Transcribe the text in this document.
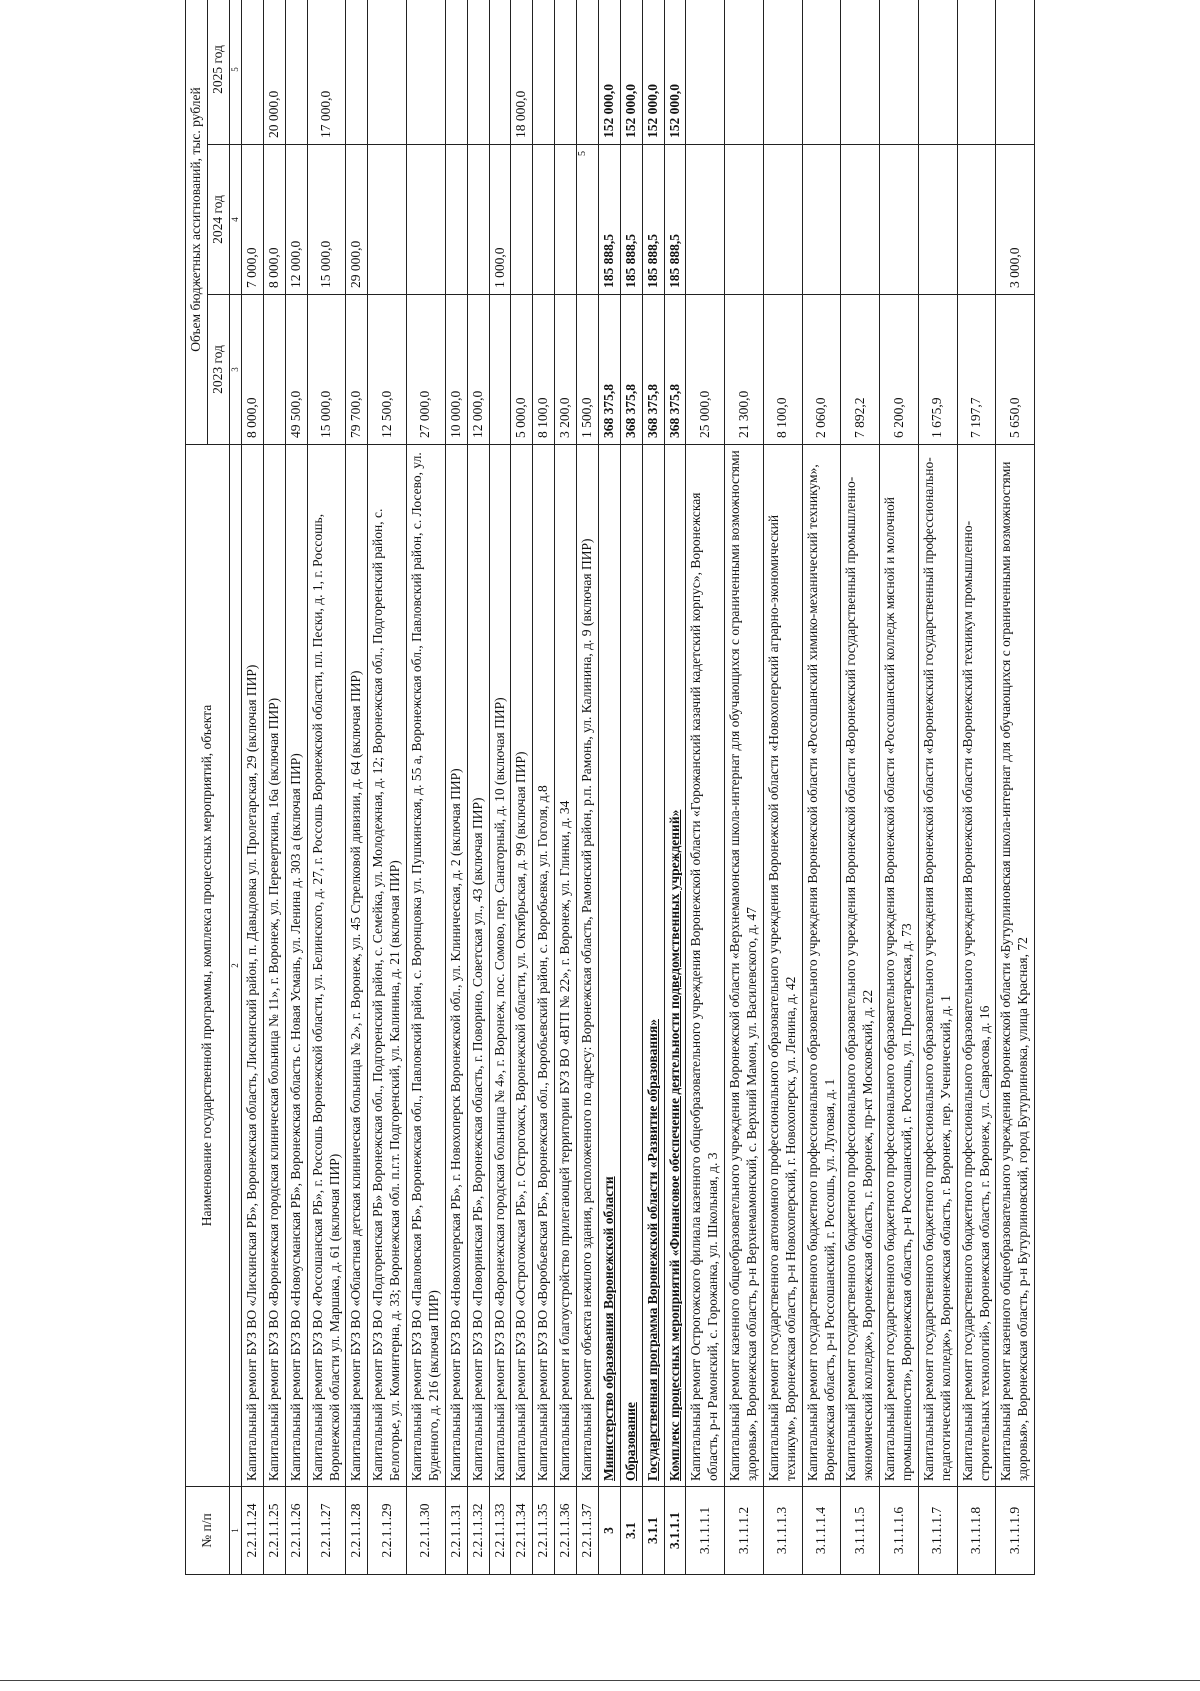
5
№ п/п	Наименование государственной программы, комплекса процессных мероприятий, объекта	Объем бюджетных ассигнований, тыс. рублей		
		2023 год	2024 год	2025 год
1	2	3	4	5
2.2.1.1.24	Капитальный ремонт БУЗ ВО «Лискинская РБ», Воронежская область, Лискинский район, п. Давыдовка ул. Пролетарская, 29 (включая ПИР)	8 000,0	7 000,0	
2.2.1.1.25	Капитальный ремонт БУЗ ВО «Воронежская городская клиническая больница № 11», г. Воронеж, ул. Переверткина, 16а (включая ПИР)		8 000,0	20 000,0
2.2.1.1.26	Капитальный ремонт БУЗ ВО «Новоусманская РБ», Воронежская область с. Новая Усмань, ул. Ленина д. 303 а (включая ПИР)	49 500,0	12 000,0	
2.2.1.1.27	Капитальный ремонт БУЗ ВО «Россошанская РБ», г. Россошь Воронежской области, ул. Белинского, д. 27, г. Россошь Воронежской области, пл. Пески, д. 1, г. Россошь, Воронежской области ул. Маршака, д. 61 (включая ПИР)	15 000,0	15 000,0	17 000,0
2.2.1.1.28	Капитальный ремонт БУЗ ВО «Областная детская клиническая больница № 2», г. Воронеж, ул. 45 Стрелковой дивизии, д. 64 (включая ПИР)	79 700,0	29 000,0	
2.2.1.1.29	Капитальный ремонт БУЗ ВО «Подгоренская РБ» Воронежская обл., Подгоренский район, с. Семейка, ул. Молодежная, д. 12; Воронежская обл., Подгоренский район, с. Белогорье, ул. Коминтерна, д. 33; Воронежская обл. п.г.т. Подгоренский, ул. Калинина, д. 21 (включая ПИР)	12 500,0		
2.2.1.1.30	Капитальный ремонт БУЗ ВО «Павловская РБ», Воронежская обл., Павловский район, с. Воронцовка ул. Пушкинская, д. 55 а, Воронежская обл., Павловский район, с. Лосево, ул. Буденного, д. 216 (включая ПИР)	27 000,0		
2.2.1.1.31	Капитальный ремонт БУЗ ВО «Новохоперская РБ», г. Новохоперск Воронежской обл., ул. Клиническая, д. 2 (включая ПИР)	10 000,0		
2.2.1.1.32	Капитальный ремонт БУЗ ВО «Поворинская РБ», Воронежская область, г. Поворино, Советская ул., 43 (включая ПИР)	12 000,0		
2.2.1.1.33	Капитальный ремонт БУЗ ВО «Воронежская городская больница № 4», г. Воронеж, пос. Сомово, пер. Санаторный, д. 10 (включая ПИР)		1 000,0	
2.2.1.1.34	Капитальный ремонт БУЗ ВО «Острогожская РБ», г. Острогожск, Воронежской области, ул. Октябрьская, д. 99 (включая ПИР)	5 000,0		18 000,0
2.2.1.1.35	Капитальный ремонт БУЗ ВО «Воробьевская РБ», Воронежская обл., Воробьевский район, с. Воробьевка, ул. Гоголя, д.8	8 100,0		
2.2.1.1.36	Капитальный ремонт и благоустройство прилегающей территории БУЗ ВО «ВГП № 22», г. Воронеж, ул. Глинки, д. 34	3 200,0		
2.2.1.1.37	Капитальный ремонт объекта нежилого здания, расположенного по адресу: Воронежская область, Рамонский район, р.п. Рамонь, ул. Калинина, д. 9 (включая ПИР)	1 500,0		
3	Министерство образования Воронежской области	368 375,8	185 888,5	152 000,0
3.1	Образование	368 375,8	185 888,5	152 000,0
3.1.1	Государственная программа Воронежской области «Развитие образования»	368 375,8	185 888,5	152 000,0
3.1.1.1	Комплекс процессных мероприятий «Финансовое обеспечение деятельности подведомственных учреждений»	368 375,8	185 888,5	152 000,0
3.1.1.1.1	Капитальный ремонт Острогожского филиала казенного общеобразовательного учреждения Воронежской области «Горожанский казачий кадетский корпус», Воронежская область, р-н Рамонский, с. Горожанка, ул. Школьная, д. 3	25 000,0		
3.1.1.1.2	Капитальный ремонт казенного общеобразовательного учреждения Воронежской области «Верхнемамонская школа-интернат для обучающихся с ограниченными возможностями здоровья», Воронежская область, р-н Верхнемамонский, с. Верхний Мамон, ул. Василевского, д. 47	21 300,0		
3.1.1.1.3	Капитальный ремонт государственного автономного профессионального образовательного учреждения Воронежской области «Новохоперский аграрно-экономический техникум», Воронежская область, р-н Новохоперский, г. Новохоперск, ул. Ленина, д. 42	8 100,0		
3.1.1.1.4	Капитальный ремонт государственного бюджетного профессионального образовательного учреждения Воронежской области «Россошанский химико-механический техникум», Воронежская область, р-н Россошанский, г. Россошь, ул. Луговая, д. 1	2 060,0		
3.1.1.1.5	Капитальный ремонт государственного бюджетного профессионального образовательного учреждения Воронежской области «Воронежский государственный промышленно-экономический колледж», Воронежская область, г. Воронеж, пр-кт Московский, д. 22	7 892,2		
3.1.1.1.6	Капитальный ремонт государственного бюджетного профессионального образовательного учреждения Воронежской области «Россошанский колледж мясной и молочной промышленности», Воронежская область, р-н Россошанский, г. Россошь, ул. Пролетарская, д. 73	6 200,0		
3.1.1.1.7	Капитальный ремонт государственного бюджетного профессионального образовательного учреждения Воронежской области «Воронежский государственный профессионально-педагогический колледж», Воронежская область, г. Воронеж, пер. Ученический, д. 1	1 675,9		
3.1.1.1.8	Капитальный ремонт государственного бюджетного профессионального образовательного учреждения Воронежской области «Воронежский техникум промышленно-строительных технологий», Воронежская область, г. Воронеж, ул. Саврасова, д. 16	7 197,7		
3.1.1.1.9	Капитальный ремонт казенного общеобразовательного учреждения Воронежской области «Бутурлиновская школа-интернат для обучающихся с ограниченными возможностями здоровья», Воронежская область, р-н Бутурлиновский, город Бутурлиновка, улица Красная, 72	5 650,0	3 000,0	
